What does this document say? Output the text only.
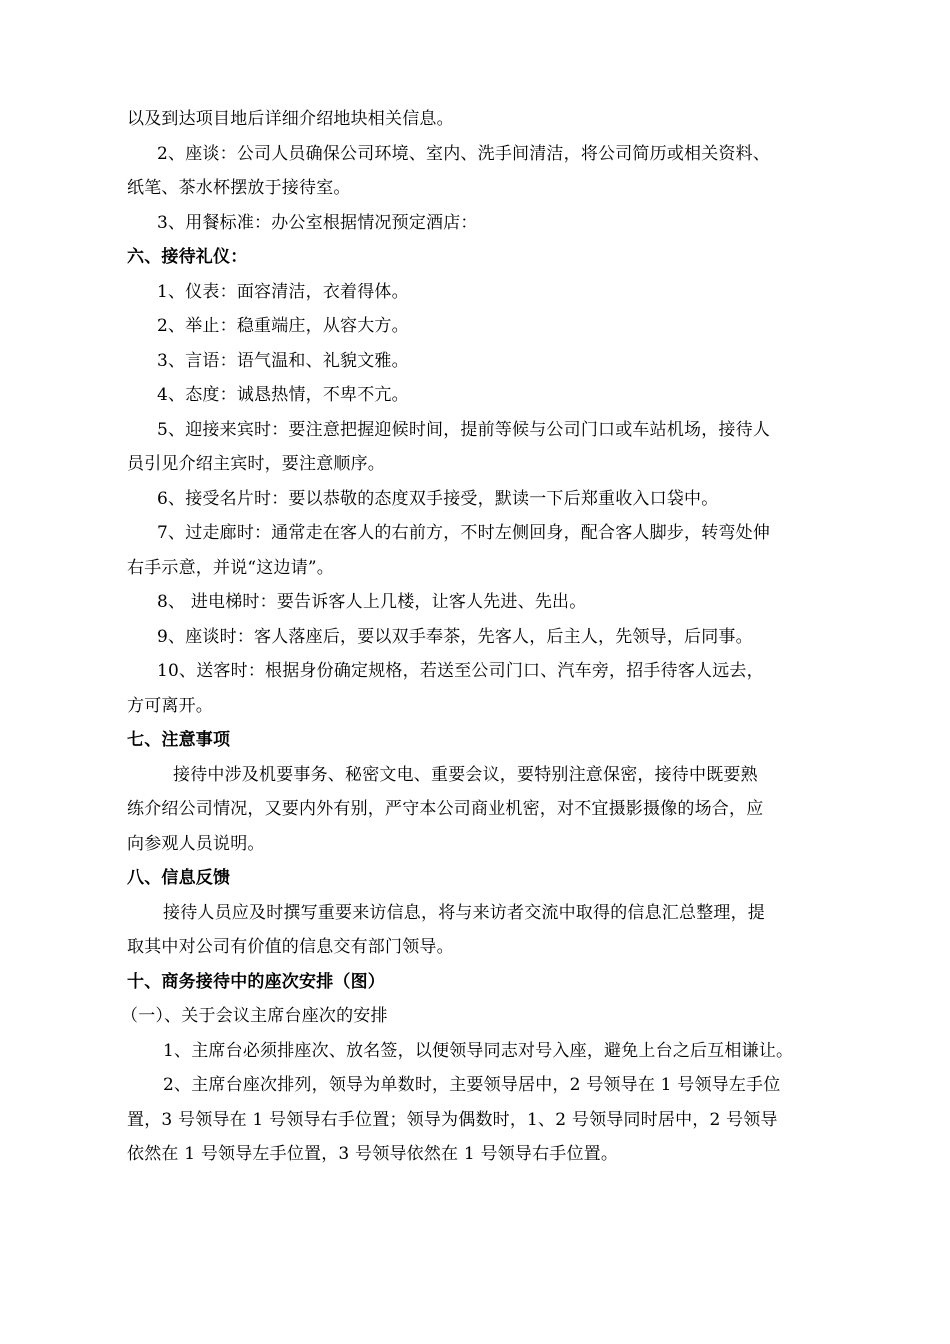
以及到达项目地后详细介绍地块相关信息。
2、座谈：公司人员确保公司环境、室内、洗手间清洁，将公司简历或相关资料、
纸笔、茶水杯摆放于接待室。
3、用餐标准：办公室根据情况预定酒店：
六、接待礼仪：
1、仪表：面容清洁，衣着得体。
2、举止：稳重端庄，从容大方。
3、言语：语气温和、礼貌文雅。
4、态度：诚恳热情，不卑不亢。
5、迎接来宾时：要注意把握迎候时间，提前等候与公司门口或车站机场，接待人
员引见介绍主宾时，要注意顺序。
6、接受名片时：要以恭敬的态度双手接受，默读一下后郑重收入口袋中。
7、过走廊时：通常走在客人的右前方，不时左侧回身，配合客人脚步，转弯处伸
右手示意，并说“这边请”。
8、 进电梯时：要告诉客人上几楼，让客人先进、先出。
9、座谈时：客人落座后，要以双手奉茶，先客人，后主人，先领导，后同事。
10、送客时：根据身份确定规格，若送至公司门口、汽车旁，招手待客人远去，
方可离开。
七、注意事项
接待中涉及机要事务、秘密文电、重要会议，要特别注意保密，接待中既要熟
练介绍公司情况，又要内外有别，严守本公司商业机密，对不宜摄影摄像的场合，应
向参观人员说明。
八、信息反馈
接待人员应及时撰写重要来访信息，将与来访者交流中取得的信息汇总整理，提
取其中对公司有价值的信息交有部门领导。
十、商务接待中的座次安排（图）
（一）、关于会议主席台座次的安排
1、主席台必须排座次、放名签，以便领导同志对号入座，避免上台之后互相谦让。
2、主席台座次排列，领导为单数时，主要领导居中，2 号领导在 1 号领导左手位
置，3 号领导在 1 号领导右手位置；领导为偶数时，1、2 号领导同时居中，2 号领导
依然在 1 号领导左手位置，3 号领导依然在 1 号领导右手位置。
